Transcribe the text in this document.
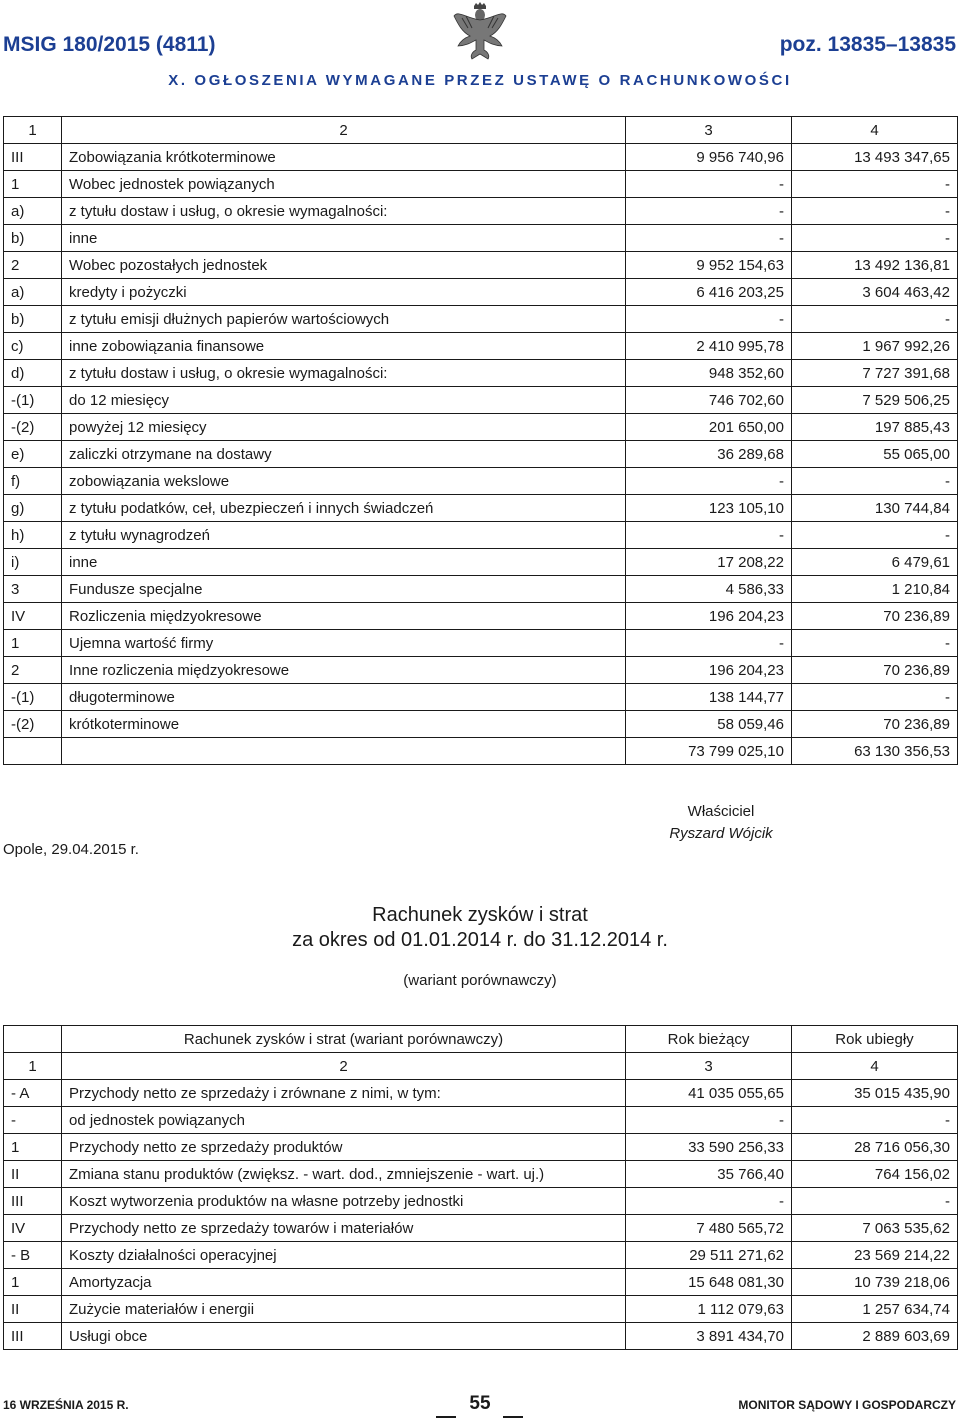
MSIG 180/2015 (4811)	poz. 13835–13835
X. OGŁOSZENIA WYMAGANE PRZEZ USTAWĘ O RACHUNKOWOŚCI
1	2	3	4
III	Zobowiązania krótkoterminowe	9 956 740,96	13 493 347,65
1	Wobec jednostek powiązanych	-	-
a)	z tytułu dostaw i usług, o okresie wymagalności:	-	-
b)	inne	-	-
2	Wobec pozostałych jednostek	9 952 154,63	13 492 136,81
a)	kredyty i pożyczki	6 416 203,25	3 604 463,42
b)	z tytułu emisji dłużnych papierów wartościowych	-	-
c)	inne zobowiązania finansowe	2 410 995,78	1 967 992,26
d)	z tytułu dostaw i usług, o okresie wymagalności:	948 352,60	7 727 391,68
-(1)	do 12 miesięcy	746 702,60	7 529 506,25
-(2)	powyżej 12 miesięcy	201 650,00	197 885,43
e)	zaliczki otrzymane na dostawy	36 289,68	55 065,00
f)	zobowiązania wekslowe	-	-
g)	z tytułu podatków, ceł, ubezpieczeń i innych świadczeń	123 105,10	130 744,84
h)	z tytułu wynagrodzeń	-	-
i)	inne	17 208,22	6 479,61
3	Fundusze specjalne	4 586,33	1 210,84
IV	Rozliczenia międzyokresowe	196 204,23	70 236,89
1	Ujemna wartość firmy	-	-
2	Inne rozliczenia międzyokresowe	196 204,23	70 236,89
-(1)	długoterminowe	138 144,77	-
-(2)	krótkoterminowe	58 059,46	70 236,89
		73 799 025,10	63 130 356,53
Opole, 29.04.2015 r.
Właściciel
Ryszard Wójcik
Rachunek zysków i strat
za okres od 01.01.2014 r. do 31.12.2014 r.
(wariant porównawczy)
	Rachunek zysków i strat (wariant porównawczy)	Rok bieżący	Rok ubiegły
1	2	3	4
- A	Przychody netto ze sprzedaży i zrównane z nimi, w tym:	41 035 055,65	35 015 435,90
-	od jednostek powiązanych	-	-
1	Przychody netto ze sprzedaży produktów	33 590 256,33	28 716 056,30
II	Zmiana stanu produktów (zwiększ. - wart. dod., zmniejszenie - wart. uj.)	35 766,40	764 156,02
III	Koszt wytworzenia produktów na własne potrzeby jednostki	-	-
IV	Przychody netto ze sprzedaży towarów i materiałów	7 480 565,72	7 063 535,62
- B	Koszty działalności operacyjnej	29 511 271,62	23 569 214,22
1	Amortyzacja	15 648 081,30	10 739 218,06
II	Zużycie materiałów i energii	1 112 079,63	1 257 634,74
III	Usługi obce	3 891 434,70	2 889 603,69
16 WRZEŚNIA 2015 R.	55	MONITOR SĄDOWY I GOSPODARCZY
